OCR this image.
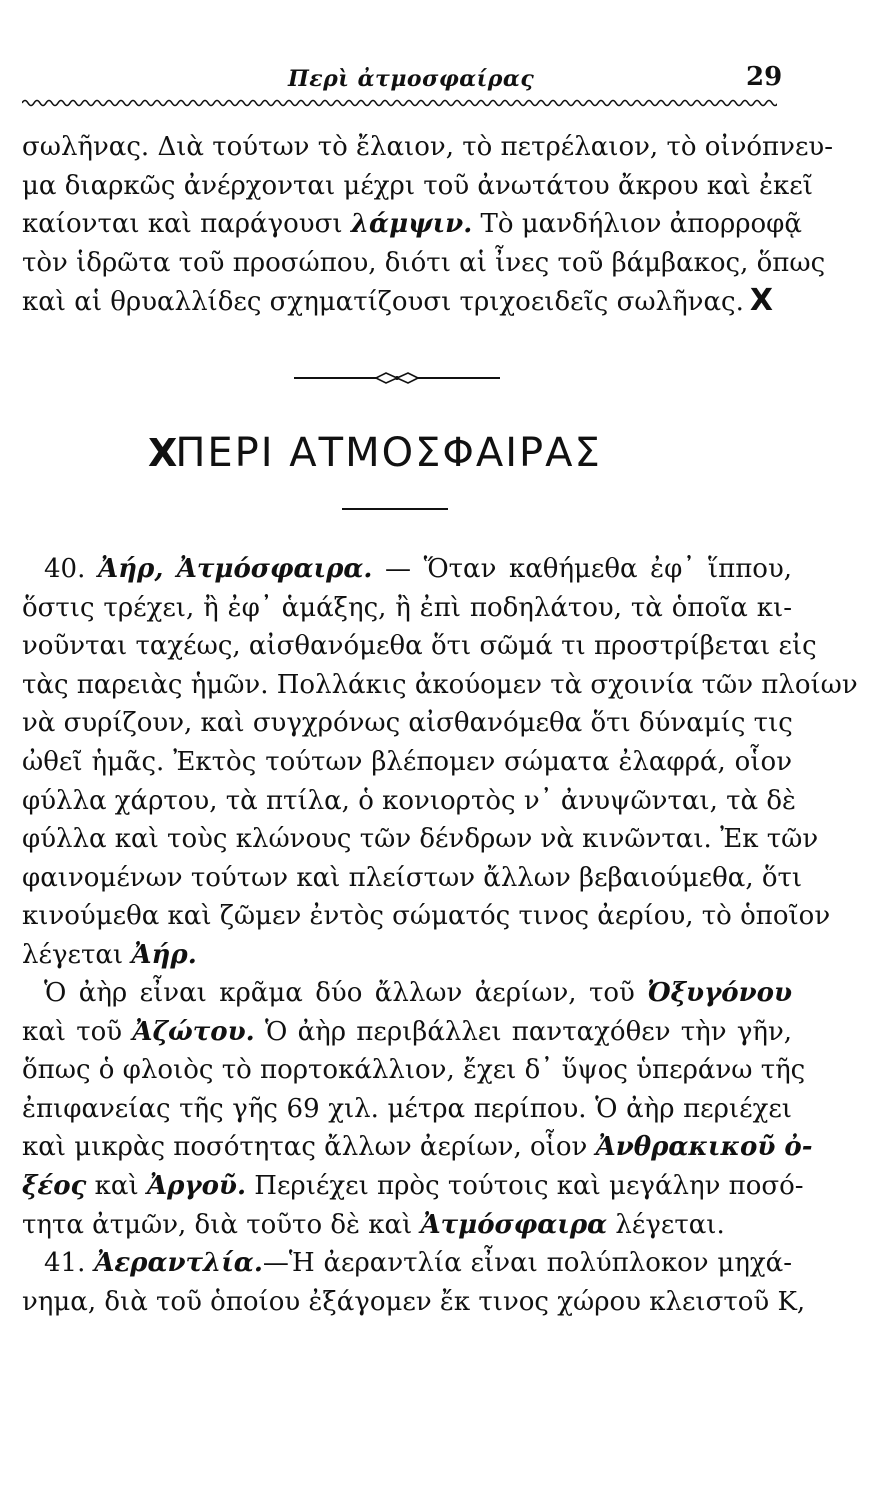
Περὶ ἀτμοσφαίρας	29
σωλῆνας. Διὰ τούτων τὸ ἔλαιον, τὸ πετρέλαιον, τὸ οἰνόπνευ-
μα διαρκῶς ἀνέρχονται μέχρι τοῦ ἀνωτάτου ἄκρου καὶ ἐκεῖ
καίονται καὶ παράγουσι λάμψιν. Τὸ μανδήλιον ἀπορροφᾷ
τὸν ἱδρῶτα τοῦ προσώπου, διότι αἱ ἶνες τοῦ βάμβακος, ὅπως
καὶ αἱ θρυαλλίδες σχηματίζουσι τριχοειδεῖς σωλῆνας. X
XΠΕΡΙ ΑΤΜΟΣΦΑΙΡΑΣ
40. Ἀήρ, Ἀτμόσφαιρα. — Ὅταν καθήμεθα ἐφ᾽ ἵππου,
ὅστις τρέχει, ἢ ἐφ᾽ ἁμάξης, ἢ ἐπὶ ποδηλάτου, τὰ ὁποῖα κι-
νοῦνται ταχέως, αἰσθανόμεθα ὅτι σῶμά τι προστρίβεται εἰς
τὰς παρειὰς ἡμῶν. Πολλάκις ἀκούομεν τὰ σχοινία τῶν πλοίων
νὰ συρίζουν, καὶ συγχρόνως αἰσθανόμεθα ὅτι δύναμίς τις
ὠθεῖ ἡμᾶς. Ἐκτὸς τούτων βλέπομεν σώματα ἐλαφρά, οἷον
φύλλα χάρτου, τὰ πτίλα, ὁ κονιορτὸς ν᾽ ἀνυψῶνται, τὰ δὲ
φύλλα καὶ τοὺς κλώνους τῶν δένδρων νὰ κινῶνται. Ἐκ τῶν
φαινομένων τούτων καὶ πλείστων ἄλλων βεβαιούμεθα, ὅτι
κινούμεθα καὶ ζῶμεν ἐντὸς σώματός τινος ἀερίου, τὸ ὁποῖον
λέγεται Ἀήρ.
Ὁ ἀὴρ εἶναι κρᾶμα δύο ἄλλων ἀερίων, τοῦ Ὀξυγόνου
καὶ τοῦ Ἀζώτου. Ὁ ἀὴρ περιβάλλει πανταχόθεν τὴν γῆν,
ὅπως ὁ φλοιὸς τὸ πορτοκάλλιον, ἔχει δ᾽ ὕψος ὑπεράνω τῆς
ἐπιφανείας τῆς γῆς 69 χιλ. μέτρα περίπου. Ὁ ἀὴρ περιέχει
καὶ μικρὰς ποσότητας ἄλλων ἀερίων, οἷον Ἀνθρακικοῦ ὀ-
ξέος καὶ Ἀργοῦ. Περιέχει πρὸς τούτοις καὶ μεγάλην ποσό-
τητα ἀτμῶν, διὰ τοῦτο δὲ καὶ Ἀτμόσφαιρα λέγεται.
41. Ἀεραντλία.—Ἡ ἀεραντλία εἶναι πολύπλοκον μηχά-
νημα, διὰ τοῦ ὁποίου ἐξάγομεν ἔκ τινος χώρου κλειστοῦ Κ,
